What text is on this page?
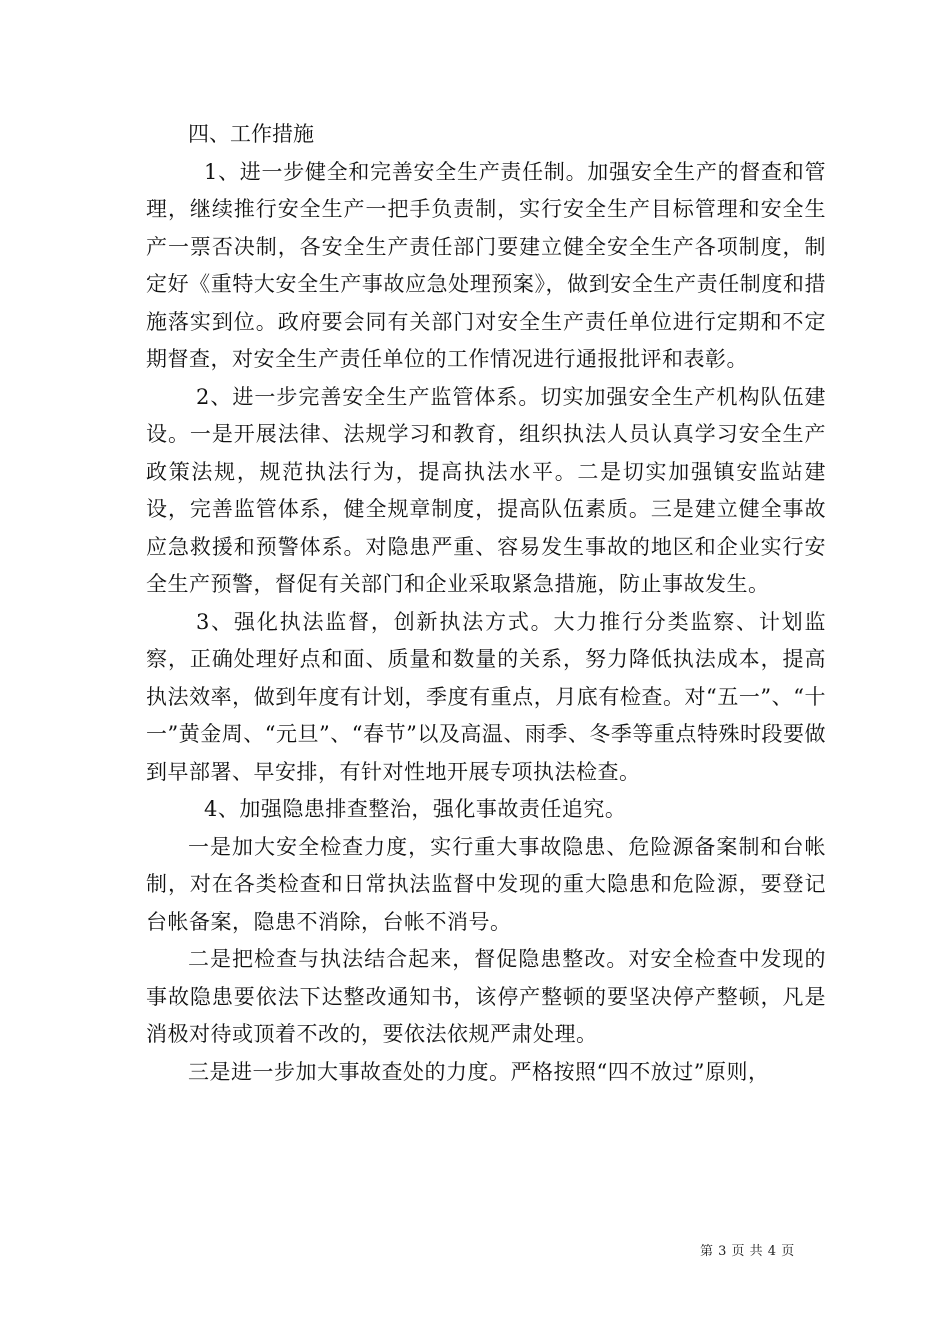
四、工作措施

1、进一步健全和完善安全生产责任制。加强安全生产的督查和管理，继续推行安全生产一把手负责制，实行安全生产目标管理和安全生产一票否决制，各安全生产责任部门要建立健全安全生产各项制度，制定好《重特大安全生产事故应急处理预案》，做到安全生产责任制度和措施落实到位。政府要会同有关部门对安全生产责任单位进行定期和不定期督查，对安全生产责任单位的工作情况进行通报批评和表彰。

2、进一步完善安全生产监管体系。切实加强安全生产机构队伍建设。一是开展法律、法规学习和教育，组织执法人员认真学习安全生产政策法规，规范执法行为，提高执法水平。二是切实加强镇安监站建设，完善监管体系，健全规章制度，提高队伍素质。三是建立健全事故应急救援和预警体系。对隐患严重、容易发生事故的地区和企业实行安全生产预警，督促有关部门和企业采取紧急措施，防止事故发生。

3、强化执法监督，创新执法方式。大力推行分类监察、计划监察，正确处理好点和面、质量和数量的关系，努力降低执法成本，提高执法效率，做到年度有计划，季度有重点，月底有检查。对“五一”、“十一”黄金周、“元旦”、“春节”以及高温、雨季、冬季等重点特殊时段要做到早部署、早安排，有针对性地开展专项执法检查。

4、加强隐患排查整治，强化事故责任追究。

一是加大安全检查力度，实行重大事故隐患、危险源备案制和台帐制，对在各类检查和日常执法监督中发现的重大隐患和危险源，要登记台帐备案，隐患不消除，台帐不消号。

二是把检查与执法结合起来，督促隐患整改。对安全检查中发现的事故隐患要依法下达整改通知书，该停产整顿的要坚决停产整顿，凡是消极对待或顶着不改的，要依法依规严肃处理。

三是进一步加大事故查处的力度。严格按照“四不放过”原则，

第 3 页 共 4 页
